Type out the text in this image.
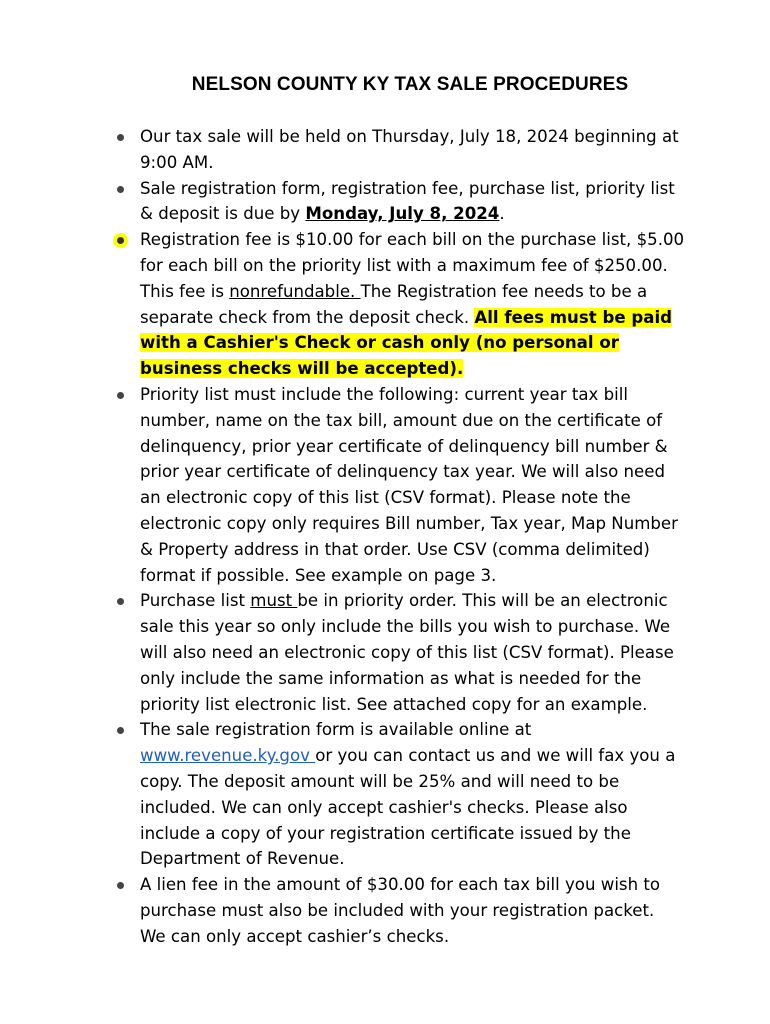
NELSON COUNTY KY TAX SALE PROCEDURES
Our tax sale will be held on Thursday, July 18, 2024 beginning at 9:00 AM.
Sale registration form, registration fee, purchase list, priority list & deposit is due by Monday, July 8, 2024.
Registration fee is $10.00 for each bill on the purchase list, $5.00 for each bill on the priority list with a maximum fee of $250.00. This fee is nonrefundable. The Registration fee needs to be a separate check from the deposit check. All fees must be paid with a Cashier's Check or cash only (no personal or business checks will be accepted).
Priority list must include the following: current year tax bill number, name on the tax bill, amount due on the certificate of delinquency, prior year certificate of delinquency bill number & prior year certificate of delinquency tax year. We will also need an electronic copy of this list (CSV format). Please note the electronic copy only requires Bill number, Tax year, Map Number & Property address in that order. Use CSV (comma delimited) format if possible. See example on page 3.
Purchase list must be in priority order. This will be an electronic sale this year so only include the bills you wish to purchase. We will also need an electronic copy of this list (CSV format). Please only include the same information as what is needed for the priority list electronic list. See attached copy for an example.
The sale registration form is available online at www.revenue.ky.gov or you can contact us and we will fax you a copy. The deposit amount will be 25% and will need to be included. We can only accept cashier's checks. Please also include a copy of your registration certificate issued by the Department of Revenue.
A lien fee in the amount of $30.00 for each tax bill you wish to purchase must also be included with your registration packet. We can only accept cashier’s checks.
